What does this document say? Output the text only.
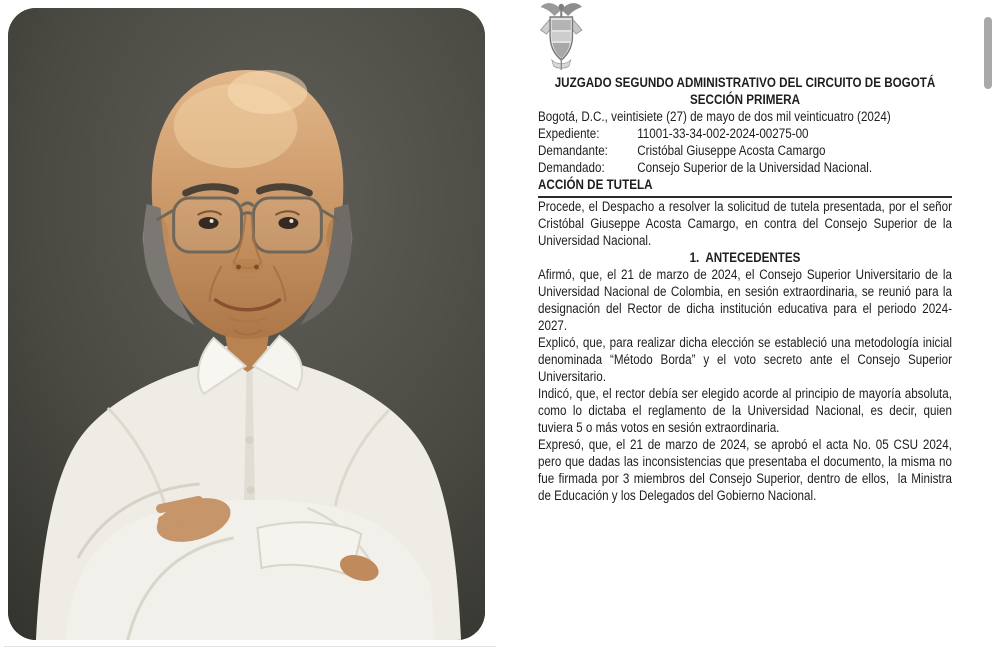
JUZGADO SEGUNDO ADMINISTRATIVO DEL CIRCUITO DE BOGOTÁ
SECCIÓN PRIMERA

Bogotá, D.C., veintisiete (27) de mayo de dos mil veinticuatro (2024)

Expediente:	11001-33-34-002-2024-00275-00
Demandante:	Cristóbal Giuseppe Acosta Camargo
Demandado:	Consejo Superior de la Universidad Nacional.
ACCIÓN DE TUTELA

Procede, el Despacho a resolver la solicitud de tutela presentada, por el señor Cristóbal Giuseppe Acosta Camargo, en contra del Consejo Superior de la Universidad Nacional.

1.  ANTECEDENTES

Afirmó, que, el 21 de marzo de 2024, el Consejo Superior Universitario de la Universidad Nacional de Colombia, en sesión extraordinaria, se reunió para la designación del Rector de dicha institución educativa para el periodo 2024-2027.

Explicó, que, para realizar dicha elección se estableció una metodología inicial denominada “Método Borda” y el voto secreto ante el Consejo Superior Universitario.

Indicó, que, el rector debía ser elegido acorde al principio de mayoría absoluta, como lo dictaba el reglamento de la Universidad Nacional, es decir, quien tuviera 5 o más votos en sesión extraordinaria.

Expresó, que, el 21 de marzo de 2024, se aprobó el acta No. 05 CSU 2024, pero que dadas las inconsistencias que presentaba el documento, la misma no fue firmada por 3 miembros del Consejo Superior, dentro de ellos,  la Ministra de Educación y los Delegados del Gobierno Nacional.
